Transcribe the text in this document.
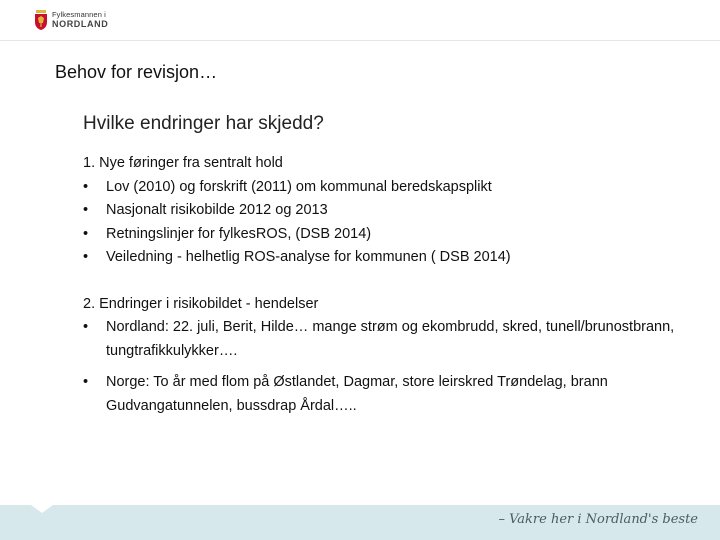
Fylkesmannen i
NORDLAND
Behov for revisjon…
Hvilke endringer har skjedd?
1. Nye føringer fra sentralt hold
• Lov (2010) og forskrift (2011) om kommunal beredskapsplikt
• Nasjonalt risikobilde 2012 og 2013
• Retningslinjer for fylkesROS, (DSB 2014)
• Veiledning - helhetlig ROS-analyse for kommunen ( DSB 2014)
2. Endringer i risikobildet - hendelser
• Nordland: 22. juli, Berit, Hilde… mange strøm og ekombrudd, skred, tunell/brunostbrann, tungtrafikkulykker….
• Norge: To år med flom på Østlandet, Dagmar, store leirskred Trøndelag, brann Gudvangatunnelen, bussdrap Årdal…..
– Vakre her i Nordland's beste
